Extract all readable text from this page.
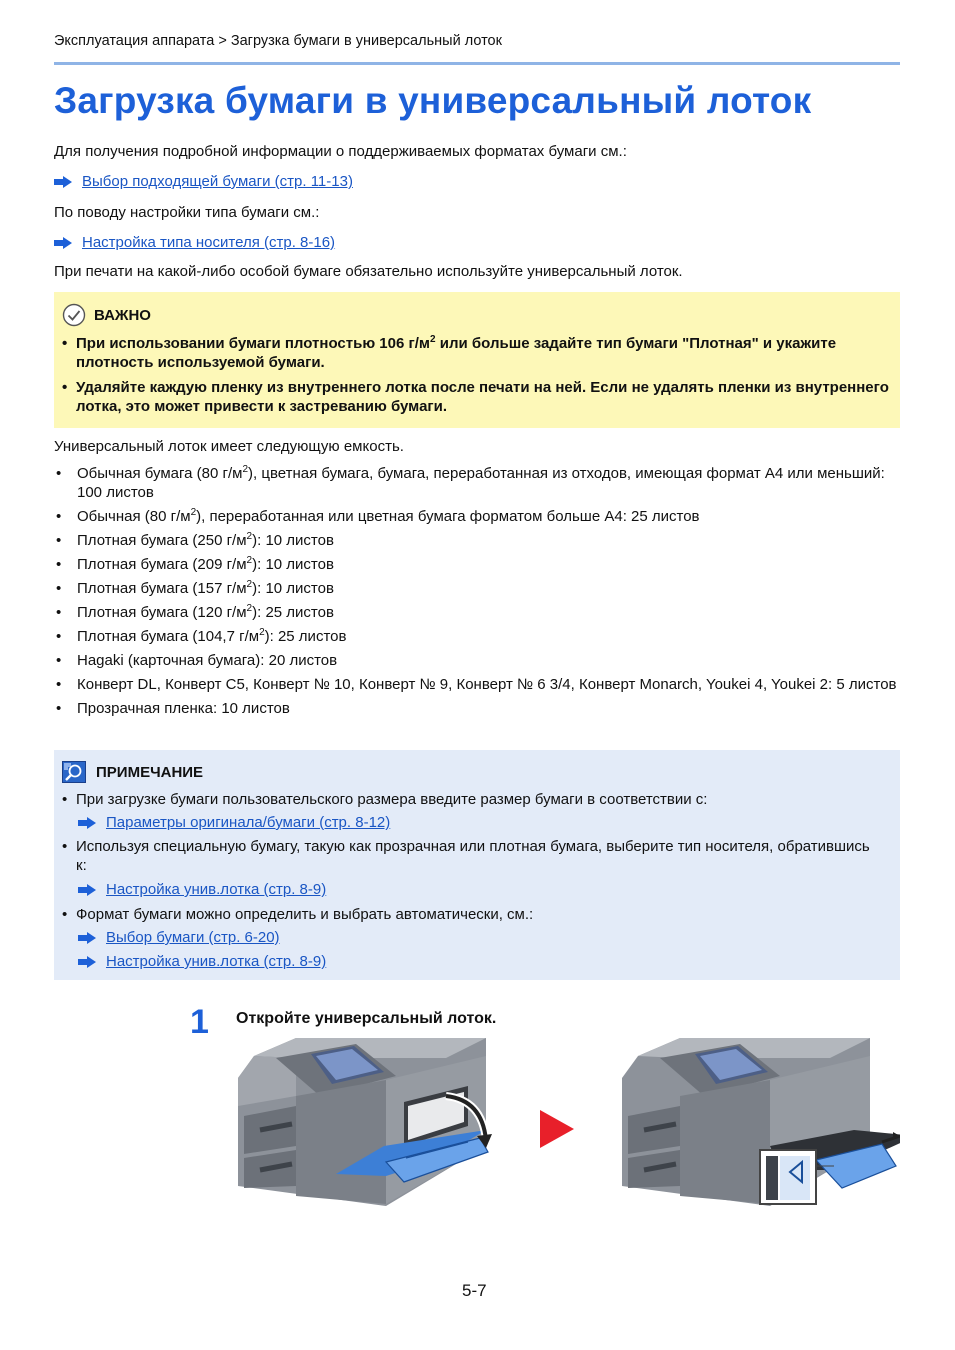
Эксплуатация аппарата > Загрузка бумаги в универсальный лоток
Загрузка бумаги в универсальный лоток
Для получения подробной информации о поддерживаемых форматах бумаги см.:
Выбор подходящей бумаги (стр. 11-13)
По поводу настройки типа бумаги см.:
Настройка типа носителя (стр. 8-16)
При печати на какой-либо особой бумаге обязательно используйте универсальный лоток.
ВАЖНО
• При использовании бумаги плотностью 106 $г/м^2$ или больше задайте тип бумаги "Плотная" и укажите плотность используемой бумаги.
• Удаляйте каждую пленку из внутреннего лотка после печати на ней. Если не удалять пленки из внутреннего лотка, это может привести к застреванию бумаги.
Универсальный лоток имеет следующую емкость.
• Обычная бумага (80 $г/м^2$), цветная бумага, бумага, переработанная из отходов, имеющая формат A4 или меньший: 100 листов
• Обычная (80 $г/м^2$), переработанная или цветная бумага форматом больше A4: 25 листов
• Плотная бумага (250 $г/м^2$): 10 листов
• Плотная бумага (209 $г/м^2$): 10 листов
• Плотная бумага (157 $г/м^2$): 10 листов
• Плотная бумага (120 $г/м^2$): 25 листов
• Плотная бумага (104,7 $г/м^2$): 25 листов
• Hagaki (карточная бумага): 20 листов
• Конверт DL, Конверт C5, Конверт № 10, Конверт № 9, Конверт № 6 3/4, Конверт Monarch, Youkei 4, Youkei 2: 5 листов
• Прозрачная пленка: 10 листов
ПРИМЕЧАНИЕ
• При загрузке бумаги пользовательского размера введите размер бумаги в соответствии с:
Параметры оригинала/бумаги (стр. 8-12)
• Используя специальную бумагу, такую как прозрачная или плотная бумага, выберите тип носителя, обратившись к:
Настройка унив.лотка (стр. 8-9)
• Формат бумаги можно определить и выбрать автоматически, см.:
Выбор бумаги (стр. 6-20)
Настройка унив.лотка (стр. 8-9)
1 Откройте универсальный лоток.
5-7
